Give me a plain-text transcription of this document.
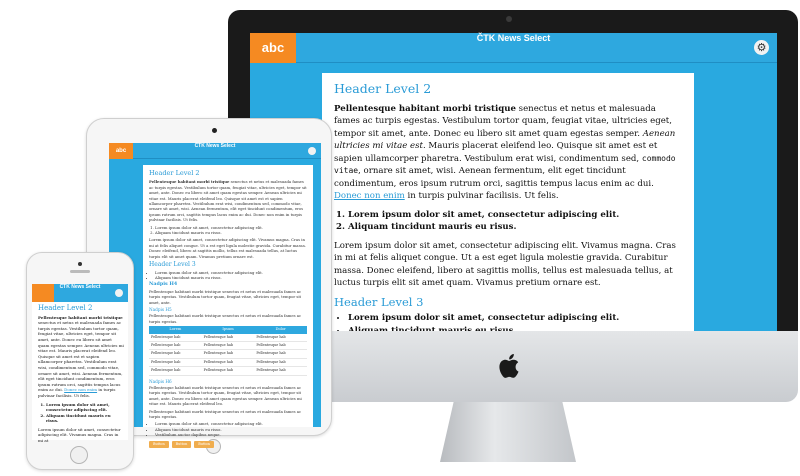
abc
ČTK News Select
⚙
Header Level 2
Pellentesque habitant morbi tristique senectus et netus et malesuada fames ac turpis egestas. Vestibulum tortor quam, feugiat vitae, ultricies eget, tempor sit amet, ante. Donec eu libero sit amet quam egestas semper. Aenean ultricies mi vitae est. Mauris placerat eleifend leo. Quisque sit amet est et sapien ullamcorper pharetra. Vestibulum erat wisi, condimentum sed, commodo vitae, ornare sit amet, wisi. Aenean fermentum, elit eget tincidunt condimentum, eros ipsum rutrum orci, sagittis tempus lacus enim ac dui. Donec non enim in turpis pulvinar facilisis. Ut felis.
1. Lorem ipsum dolor sit amet, consectetur adipiscing elit.
2. Aliquam tincidunt mauris eu risus.
Lorem ipsum dolor sit amet, consectetur adipiscing elit. Vivamus magna. Cras in mi at felis aliquet congue. Ut a est eget ligula molestie gravida. Curabitur massa. Donec eleifend, libero at sagittis mollis, tellus est malesuada tellus, at luctus turpis elit sit amet quam. Vivamus pretium ornare est.
Header Level 3
• Lorem ipsum dolor sit amet, consectetur adipiscing elit.
•
abc
ČTK News Select
Header Level 2
Pellentesque habitant morbi tristique senectus et netus et malesuada fames ac turpis egestas. Vestibulum tortor quam, feugiat vitae, ultricies eget, tempor sit amet, ante. Donec eu libero sit amet quam egestas semper. Aenean ultricies mi vitae est. Mauris placerat eleifend leo. Quisque sit amet est et sapien ullamcorper pharetra. Vestibulum erat wisi, condimentum sed, commodo vitae, ornare sit amet, wisi. Aenean fermentum, elit eget tincidunt condimentum, eros ipsum rutrum orci, sagittis tempus lacus enim ac dui. Donec non enim in turpis pulvinar facilisis. Ut felis.
1. Lorem ipsum dolor sit amet, consectetur adipiscing elit.
2. Aliquam tincidunt mauris eu risus.
Lorem ipsum dolor sit amet, consectetur adipiscing elit. Vivamus magna. Cras in mi at felis aliquet congue. Ut a est eget ligula molestie gravida. Curabitur massa. Donec eleifend, libero at sagittis mollis, tellus est malesuada tellus, at luctus turpis elit sit amet quam. Vivamus pretium ornare est.
Header Level 3
• Lorem ipsum dolor sit amet, consectetur adipiscing elit.
• Aliquam tincidunt mauris eu risus.
Nadpis H4
Pellentesque habitant morbi tristique senectus et netus et malesuada fames ac turpis egestas. Vestibulum tortor quam, feugiat vitae, ultricies eget, tempor sit amet, ante.
Nadpis H5
Pellentesque habitant morbi tristique senectus et netus et malesuada fames ac turpis egestas.
Lorem	Ipsum	Dolor
Pellentesque hab	Pellentesque hab	Pellentesque hab
Pellentesque hab	Pellentesque hab	Pellentesque hab
Pellentesque hab	Pellentesque hab	Pellentesque hab
Pellentesque hab	Pellentesque hab	Pellentesque hab
Pellentesque hab	Pellentesque hab	Pellentesque hab
Nadpis H6
Pellentesque habitant morbi tristique senectus et netus et malesuada fames ac turpis egestas. Vestibulum tortor quam, feugiat vitae, ultricies eget, tempor sit amet, ante. Donec eu libero sit amet quam egestas semper. Aenean ultricies mi vitae est. Mauris placerat eleifend leo.
Pellentesque habitant morbi tristique senectus et netus et malesuada fames ac turpis egestas.
• Lorem ipsum dolor sit amet, consectetur adipiscing elit.
• Aliquam tincidunt mauris eu risus.
• Vestibulum auctor dapibus neque.
Button	Button	Button
ČTK News Select
Header Level 2
Pellentesque habitant morbi tristique senectus et netus et malesuada fames ac turpis egestas. Vestibulum tortor quam, feugiat vitae, ultricies eget, tempor sit amet, ante. Donec eu libero sit amet quam egestas semper. Aenean ultricies mi vitae est. Mauris placerat eleifend leo. Quisque sit amet est et sapien ullamcorper pharetra. Vestibulum erat wisi, condimentum sed, commodo vitae, ornare sit amet, wisi. Aenean fermentum, elit eget tincidunt condimentum, eros ipsum rutrum orci, sagittis tempus lacus enim ac dui. Donec non enim in turpis pulvinar facilisis. Ut felis.
1. Lorem ipsum dolor sit amet, consectetur adipiscing elit.
2. Aliquam tincidunt mauris eu risus.
Lorem ipsum dolor sit amet, consectetur adipiscing elit. Vivamus magna. Cras in mi at
